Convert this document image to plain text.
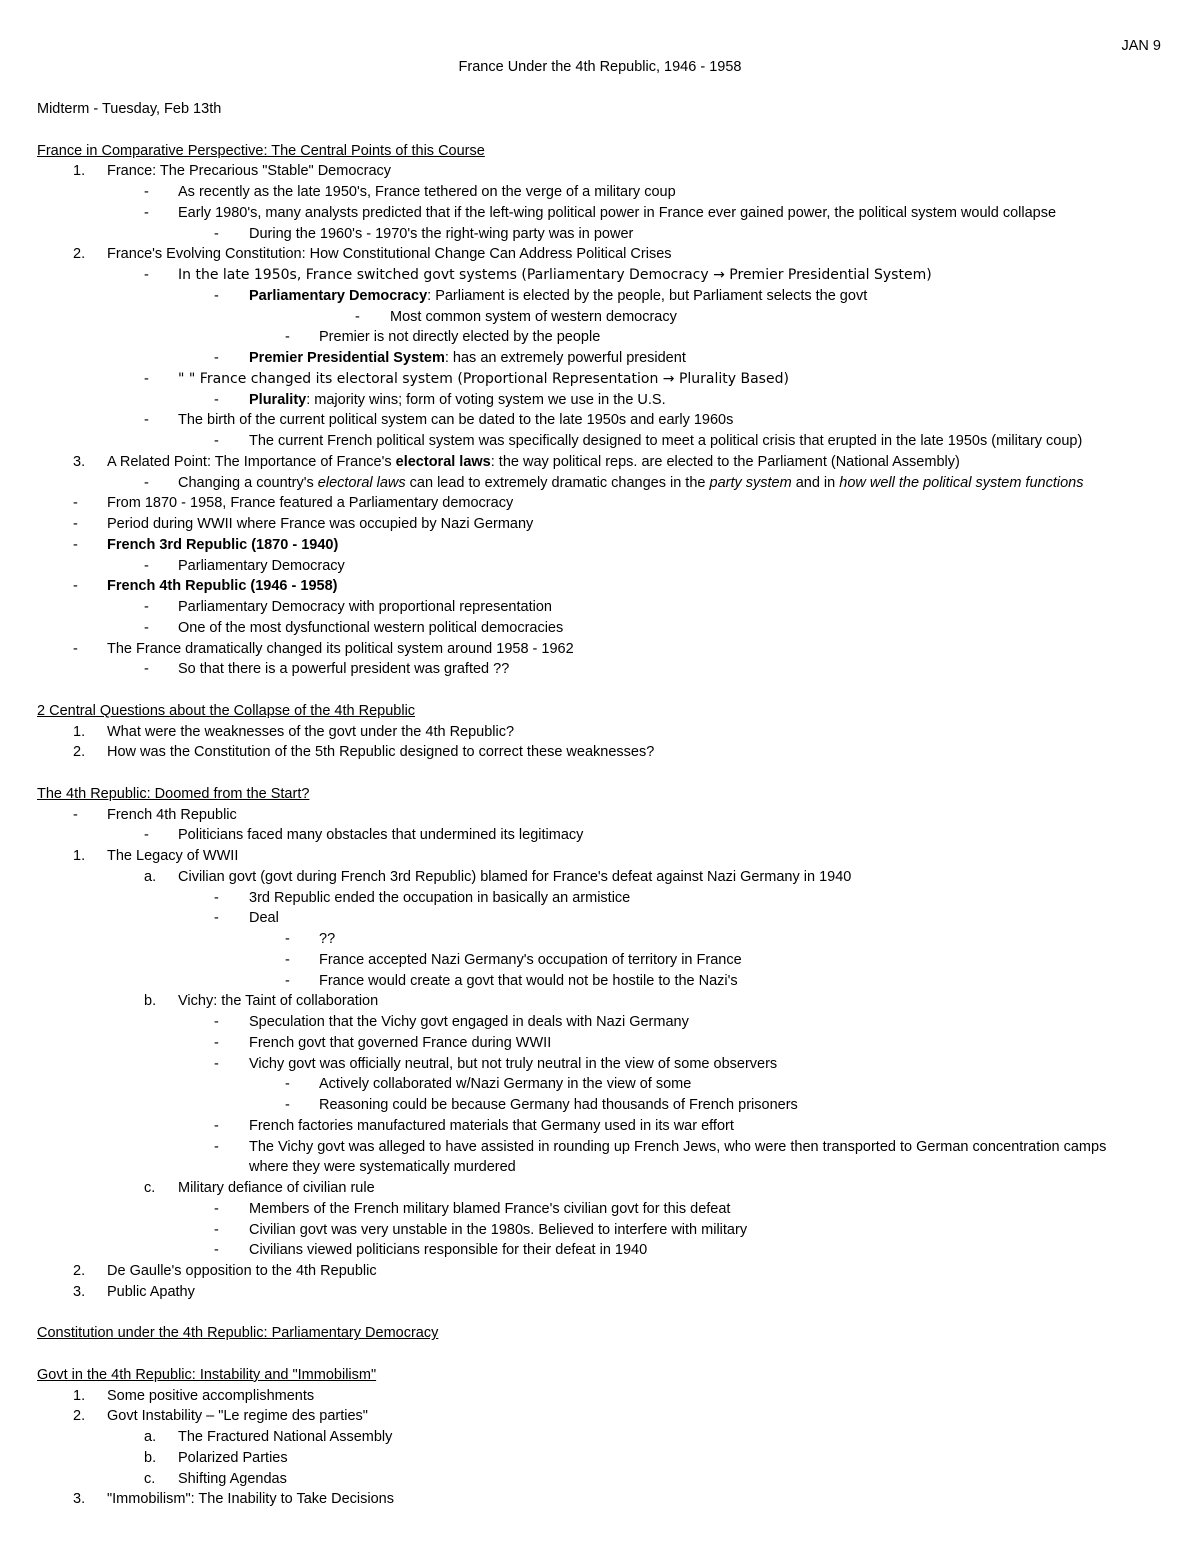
JAN 9
France Under the 4th Republic, 1946 - 1958
Midterm - Tuesday, Feb 13th
France in Comparative Perspective: The Central Points of this Course
1. France: The Precarious "Stable" Democracy
- As recently as the late 1950's, France tethered on the verge of a military coup
- Early 1980's, many analysts predicted that if the left-wing political power in France ever gained power, the political system would collapse
- During the 1960's - 1970's the right-wing party was in power
2. France's Evolving Constitution: How Constitutional Change Can Address Political Crises
- In the late 1950s, France switched govt systems (Parliamentary Democracy → Premier Presidential System)
- Parliamentary Democracy: Parliament is elected by the people, but Parliament selects the govt
- Most common system of western democracy
- Premier is not directly elected by the people
- Premier Presidential System: has an extremely powerful president
- " " France changed its electoral system (Proportional Representation → Plurality Based)
- Plurality: majority wins; form of voting system we use in the U.S.
- The birth of the current political system can be dated to the late 1950s and early 1960s
- The current French political system was specifically designed to meet a political crisis that erupted in the late 1950s (military coup)
3. A Related Point: The Importance of France's electoral laws: the way political reps. are elected to the Parliament (National Assembly)
- Changing a country's electoral laws can lead to extremely dramatic changes in the party system and in how well the political system functions
- From 1870 - 1958, France featured a Parliamentary democracy
- Period during WWII where France was occupied by Nazi Germany
- French 3rd Republic (1870 - 1940)
- Parliamentary Democracy
- French 4th Republic (1946 - 1958)
- Parliamentary Democracy with proportional representation
- One of the most dysfunctional western political democracies
- The France dramatically changed its political system around 1958 - 1962
- So that there is a powerful president was grafted ??
2 Central Questions about the Collapse of the 4th Republic
1. What were the weaknesses of the govt under the 4th Republic?
2. How was the Constitution of the 5th Republic designed to correct these weaknesses?
The 4th Republic: Doomed from the Start?
- French 4th Republic
- Politicians faced many obstacles that undermined its legitimacy
1. The Legacy of WWII
a. Civilian govt (govt during French 3rd Republic) blamed for France's defeat against Nazi Germany in 1940
- 3rd Republic ended the occupation in basically an armistice
- Deal
- ??
- France accepted Nazi Germany's occupation of territory in France
- France would create a govt that would not be hostile to the Nazi's
b. Vichy: the Taint of collaboration
- Speculation that the Vichy govt engaged in deals with Nazi Germany
- French govt that governed France during WWII
- Vichy govt was officially neutral, but not truly neutral in the view of some observers
- Actively collaborated w/Nazi Germany in the view of some
- Reasoning could be because Germany had thousands of French prisoners
- French factories manufactured materials that Germany used in its war effort
-	The Vichy govt was alleged to have assisted in rounding up French Jews, who were then transported to German concentration camps where they were systematically murdered
c. Military defiance of civilian rule
- Members of the French military blamed France's civilian govt for this defeat
- Civilian govt was very unstable in the 1980s. Believed to interfere with military
- Civilians viewed politicians responsible for their defeat in 1940
2. De Gaulle's opposition to the 4th Republic
3. Public Apathy
Constitution under the 4th Republic: Parliamentary Democracy
Govt in the 4th Republic: Instability and "Immobilism"
1. Some positive accomplishments
2. Govt Instability – "Le regime des parties"
a. The Fractured National Assembly
b. Polarized Parties
c. Shifting Agendas
3. "Immobilism": The Inability to Take Decisions
